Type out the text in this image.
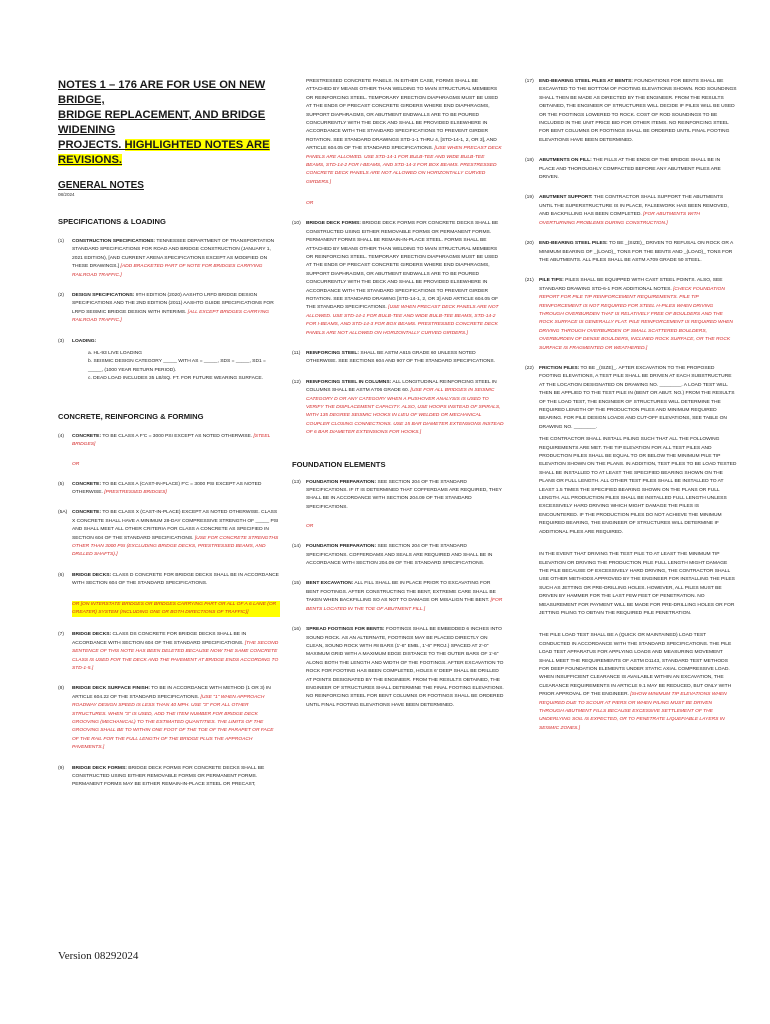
NOTES 1 – 176 ARE FOR USE ON NEW BRIDGE,
BRIDGE REPLACEMENT, AND BRIDGE WIDENING
PROJECTS. HIGHLIGHTED NOTES ARE REVISIONS.

GENERAL NOTES

08/2024

SPECIFICATIONS & LOADING

(1)	CONSTRUCTION SPECIFICATIONS: TENNESSEE DEPARTMENT OF TRANSPORTATION STANDARD SPECIFICATIONS FOR ROAD AND BRIDGE CONSTRUCTION (JANUARY 1, 2021 EDITION), [AND CURRENT ARENA SPECIFICATIONS EXCEPT AS MODIFIED ON THESE DRAWINGS.] [ADD BRACKETED PART OF NOTE FOR BRIDGES CARRYING RAILROAD TRAFFIC.]
(2)	DESIGN SPECIFICATIONS: 9TH EDITION (2020) AASHTO LRFD BRIDGE DESIGN SPECIFICATIONS AND THE 2ND EDITION (2011) AASHTO GUIDE SPECIFICATIONS FOR LRFD SEISMIC BRIDGE DESIGN WITH INTERIMS. [ALL EXCEPT BRIDGES CARRYING RAILROAD TRAFFIC.]
(3)	LOADING:
a. HL-93 LIVE LOADING
b. SEISMIC DESIGN CATEGORY _____ WITH AS = _____, SDS = _____, SD1 = _____, (1000 YEAR RETURN PERIOD).
c. DEAD LOAD INCLUDES 35 LB/SQ. FT. FOR FUTURE WEARING SURFACE.

CONCRETE, REINFORCING & FORMING

(4)	CONCRETE: TO BE CLASS A F'C = 3000 PSI EXCEPT AS NOTED OTHERWISE. [STEEL BRIDGES]

OR

(5)	CONCRETE: TO BE CLASS A (CAST-IN-PLACE) F'C = 3000 PSI EXCEPT AS NOTED OTHERWISE. [PRESTRESSED BRIDGES]
(5A) CONCRETE: TO BE CLASS X (CAST-IN-PLACE) EXCEPT AS NOTED OTHERWISE. CLASS X CONCRETE SHALL HAVE A MINIMUM 28-DAY COMPRESSIVE STRENGTH OF _____ PSI AND SHALL MEET ALL OTHER CRITERIA FOR CLASS A CONCRETE AS SPECIFIED IN SECTION 604 OF THE STANDARD SPECIFICATIONS. [USE FOR CONCRETE STRENGTHS OTHER THAN 3000 PSI (EXCLUDING BRIDGE DECKS, PRESTRESSED BEAMS, AND DRILLED SHAFTS).]
(6)	BRIDGE DECKS: CLASS D CONCRETE FOR BRIDGE DECKS SHALL BE IN ACCORDANCE WITH SECTION 604 OF THE STANDARD SPECIFICATIONS.
OR [ON INTERSTATE BRIDGES OR BRIDGES CARRYING PART OR ALL OF A 6 LANE (OR GREATER) SYSTEM (INCLUDING ONE OR BOTH DIRECTIONS OF TRAFFIC)]
(7)	BRIDGE DECKS: CLASS DS CONCRETE FOR BRIDGE DECKS SHALL BE IN ACCORDANCE WITH SECTION 604 OF THE STANDARD SPECIFICATIONS. [THE SECOND SENTENCE OF THIS NOTE HAS BEEN DELETED BECAUSE NOW THE SAME CONCRETE CLASS IS USED FOR THE DECK AND THE PAVEMENT AT BRIDGE ENDS ACCORDING TO STD-1-5.]
(8)	BRIDGE DECK SURFACE FINISH: TO BE IN ACCORDANCE WITH METHOD (1 OR 3) IN ARTICLE 604.22 OF THE STANDARD SPECIFICATIONS. [USE "1" WHEN APPROACH ROADWAY DESIGN SPEED IS LESS THAN 40 MPH. USE "3" FOR ALL OTHER STRUCTURES. WHEN "3" IS USED, ADD THE ITEM NUMBER FOR BRIDGE DECK GROOVING (MECHANICAL) TO THE ESTIMATED QUANTITIES. THE LIMITS OF THE GROOVING SHALL BE TO WITHIN ONE FOOT OF THE TOE OF THE PARAPET OR FACE OF THE RAIL FOR THE FULL LENGTH OF THE BRIDGE PLUS THE APPROACH PAVEMENTS.]
(9)	BRIDGE DECK FORMS: BRIDGE DECK FORMS FOR CONCRETE DECKS SHALL BE CONSTRUCTED USING EITHER REMOVABLE FORMS OR PERMANENT FORMS. PERMANENT FORMS MAY BE EITHER REMAIN-IN-PLACE STEEL OR PRECAST,
PRESTRESSED CONCRETE PANELS. IN EITHER CASE, FORMS SHALL BE ATTACHED BY MEANS OTHER THAN WELDING TO MAIN STRUCTURAL MEMBERS OR REINFORCING STEEL. TEMPORARY ERECTION DIAPHRAGMS MUST BE USED AT THE ENDS OF PRECAST CONCRETE GIRDERS WHERE END DIAPHRAGMS, SUPPORT DIAPHRAGMS, OR ABUTMENT ENDWALLS ARE TO BE POURED CONCURRENTLY WITH THE DECK AND SHALL BE PROVIDED ELSEWHERE IN ACCORDANCE WITH THE STANDARD SPECIFICATIONS TO PREVENT GIRDER ROTATION. SEE STANDARD DRAWINGS STD-1-1 THRU 4, [STD-14-1, 2, OR 3], AND ARTICLE 604.05 OF THE STANDARD SPECIFICATIONS. [USE WHEN PRECAST DECK PANELS ARE ALLOWED. USE STD-14-1 FOR BULB-TEE AND WIDE BULB-TEE BEAMS, STD-14-2 FOR I-BEAMS, AND STD-14-3 FOR BOX BEAMS. PRESTRESSED CONCRETE DECK PANELS ARE NOT ALLOWED ON HORIZONTALLY CURVED GIRDERS.]

OR

(10)	BRIDGE DECK FORMS: BRIDGE DECK FORMS FOR CONCRETE DECKS SHALL BE CONSTRUCTED USING EITHER REMOVABLE FORMS OR PERMANENT FORMS. PERMANENT FORMS SHALL BE REMAIN-IN-PLACE STEEL. FORMS SHALL BE ATTACHED BY MEANS OTHER THAN WELDING TO MAIN STRUCTURAL MEMBERS OR REINFORCING STEEL. TEMPORARY ERECTION DIAPHRAGMS MUST BE USED AT THE ENDS OF PRECAST CONCRETE GIRDERS WHERE END DIAPHRAGMS, SUPPORT DIAPHRAGMS, OR ABUTMENT ENDWALLS ARE TO BE POURED CONCURRENTLY WITH THE DECK AND SHALL BE PROVIDED ELSEWHERE IN ACCORDANCE WITH THE STANDARD SPECIFICATIONS TO PREVENT GIRDER ROTATION. SEE STANDARD DRAWING [STD-14-1, 2, OR 3] AND ARTICLE 604.05 OF THE STANDARD SPECIFICATIONS. [USE WHEN PRECAST DECK PANELS ARE NOT ALLOWED. USE STD-14-1 FOR BULB-TEE AND WIDE BULB-TEE BEAMS, STD-14-2 FOR I-BEAMS, AND STD-14-3 FOR BOX BEAMS. PRESTRESSED CONCRETE DECK PANELS ARE NOT ALLOWED ON HORIZONTALLY CURVED GIRDERS.]
(11)	REINFORCING STEEL: SHALL BE ASTM A615 GRADE 60 UNLESS NOTED OTHERWISE. SEE SECTIONS 604 AND 907 OF THE STANDARD SPECIFICATIONS.
(12)	REINFORCING STEEL IN COLUMNS: ALL LONGITUDINAL REINFORCING STEEL IN COLUMNS SHALL BE ASTM A706 GRADE 60. [USE FOR ALL BRIDGES IN SEISMIC CATEGORY D OR ANY CATEGORY WHEN A PUSHOVER ANALYSIS IS USED TO VERIFY THE DISPLACEMENT CAPACITY. ALSO, USE HOOPS INSTEAD OF SPIRALS, WITH 135 DEGREE SEISMIC HOOKS IN LIEU OF WELDED OR MECHANICAL COUPLER CLOSING CONNECTIONS. USE 15 BAR DIAMETER EXTENSIONS INSTEAD OF 6 BAR DIAMETER EXTENSIONS FOR HOOKS.]

FOUNDATION ELEMENTS

(13)	FOUNDATION PREPARATION: SEE SECTION 204 OF THE STANDARD SPECIFICATIONS. IF IT IS DETERMINED THAT COFFERDAMS ARE REQUIRED, THEY SHALL BE IN ACCORDANCE WITH SECTION 204.09 OF THE STANDARD SPECIFICATIONS.

OR

(14)	FOUNDATION PREPARATION: SEE SECTION 204 OF THE STANDARD SPECIFICATIONS. COFFERDAMS AND SEALS ARE REQUIRED AND SHALL BE IN ACCORDANCE WITH SECTION 204.09 OF THE STANDARD SPECIFICATIONS.
(15)	BENT EXCAVATION: ALL FILL SHALL BE IN PLACE PRIOR TO EXCAVATING FOR BENT FOOTINGS. AFTER CONSTRUCTING THE BENT, EXTREME CARE SHALL BE TAKEN WHEN BACKFILLING SO AS NOT TO DAMAGE OR MISALIGN THE BENT. [FOR BENTS LOCATED IN THE TOE OF ABUTMENT FILL.]
(16)	SPREAD FOOTINGS FOR BENTS: FOOTINGS SHALL BE EMBEDDED 6 INCHES INTO SOUND ROCK. AS AN ALTERNATE, FOOTINGS MAY BE PLACED DIRECTLY ON CLEAN, SOUND ROCK WITH #8 BARS (1'-6" EMB., 1'-6" PROJ.) SPACED AT 2'-0" MAXIMUM GRID WITH A MAXIMUM EDGE DISTANCE TO THE OUTER BARS OF 1'-6" ALONG BOTH THE LENGTH AND WIDTH OF THE FOOTINGS. AFTER EXCAVATION TO ROCK FOR FOOTING HAS BEEN COMPLETED, HOLES 6' DEEP SHALL BE DRILLED AT POINTS DESIGNATED BY THE ENGINEER. FROM THE RESULTS OBTAINED, THE ENGINEER OF STRUCTURES SHALL DETERMINE THE FINAL FOOTING ELEVATIONS. NO REINFORCING STEEL FOR BENT COLUMNS OR FOOTINGS SHALL BE ORDERED UNTIL FINAL FOOTING ELEVATIONS HAVE BEEN DETERMINED.
(17)	END-BEARING STEEL PILES AT BENTS: FOUNDATIONS FOR BENTS SHALL BE EXCAVATED TO THE BOTTOM OF FOOTING ELEVATIONS SHOWN. ROD SOUNDINGS SHALL THEN BE MADE AS DIRECTED BY THE ENGINEER. FROM THE RESULTS OBTAINED, THE ENGINEER OF STRUCTURES WILL DECIDE IF PILES WILL BE USED OR THE FOOTINGS LOWERED TO ROCK. COST OF ROD SOUNDINGS TO BE INCLUDED IN THE UNIT PRICE BID FOR OTHER ITEMS. NO REINFORCING STEEL FOR BENT COLUMNS OR FOOTINGS SHALL BE ORDERED UNTIL FINAL FOOTING ELEVATIONS HAVE BEEN DETERMINED.
(18)	ABUTMENTS ON FILL: THE FILLS AT THE ENDS OF THE BRIDGE SHALL BE IN PLACE AND THOROUGHLY COMPACTED BEFORE ANY ABUTMENT PILES ARE DRIVEN.
(19)	ABUTMENT SUPPORT: THE CONTRACTOR SHALL SUPPORT THE ABUTMENTS UNTIL THE SUPERSTRUCTURE IS IN PLACE, FALSEWORK HAS BEEN REMOVED, AND BACKFILLING HAS BEEN COMPLETED. [FOR ABUTMENTS WITH OVERTURNING PROBLEMS DURING CONSTRUCTION.]
(20)	END-BEARING STEEL PILES: TO BE _(SIZE)_ DRIVEN TO REFUSAL ON ROCK OR A MINIMUM BEARING OF _(LOAD)_ TONS FOR THE BENTS AND _(LOAD)_ TONS FOR THE ABUTMENTS. ALL PILES SHALL BE ASTM A709 GRADE 50 STEEL.
(21)	PILE TIPS: PILES SHALL BE EQUIPPED WITH CAST STEEL POINTS. ALSO, SEE STANDARD DRAWING STD-6-1 FOR ADDITIONAL NOTES. [CHECK FOUNDATION REPORT FOR PILE TIP REINFORCEMENT REQUIREMENTS. PILE TIP REINFORCEMENT IS NOT REQUIRED FOR STEEL H-PILES WHEN DRIVING THROUGH OVERBURDEN THAT IS RELATIVELY FREE OF BOULDERS AND THE ROCK SURFACE IS GENERALLY FLAT. PILE REINFORCEMENT IS REQUIRED WHEN DRIVING THROUGH OVERBURDEN OF SMALL SCATTERED BOULDERS, OVERBURDEN OF DENSE BOULDERS, INCLINED ROCK SURFACE, OR THE ROCK SURFACE IS FRAGMENTED OR WEATHERED.]
(22)	FRICTION PILES: TO BE _(SIZE)_. AFTER EXCAVATION TO THE PROPOSED FOOTING ELEVATIONS, A TEST PILE SHALL BE DRIVEN AT EACH SUBSTRUCTURE AT THE LOCATION DESIGNATED ON DRAWING NO. ________. A LOAD TEST WILL THEN BE APPLIED TO THE TEST PILE IN (BENT OR ABUT. NO.) FROM THE RESULTS OF THE LOAD TEST, THE ENGINEER OF STRUCTURES WILL DETERMINE THE REQUIRED LENGTH OF THE PRODUCTION PILES AND MINIMUM REQUIRED BEARING. FOR PILE DESIGN LOADS AND CUT-OFF ELEVATIONS, SEE TABLE ON DRAWING NO. ________.
THE CONTRACTOR SHALL INSTALL PILING SUCH THAT ALL THE FOLLOWING REQUIREMENTS ARE MET. THE TIP ELEVATION FOR ALL TEST PILES AND PRODUCTION PILES SHALL BE EQUAL TO OR BELOW THE MINIMUM PILE TIP ELEVATION SHOWN ON THE PLANS. IN ADDITION, TEST PILES TO BE LOAD TESTED SHALL BE INSTALLED TO AT LEAST THE SPECIFIED BEARING SHOWN ON THE PLANS OR FULL LENGTH. ALL OTHER TEST PILES SHALL BE INSTALLED TO AT LEAST 1.5 TIMES THE SPECIFIED BEARING SHOWN ON THE PLANS OR FULL LENGTH. ALL PRODUCTION PILES SHALL BE INSTALLED FULL LENGTH UNLESS EXCESSIVELY HARD DRIVING WHICH MIGHT DAMAGE THE PILES IS ENCOUNTERED. IF THE PRODUCTION PILES DO NOT ACHIEVE THE MINIMUM REQUIRED BEARING, THE ENGINEER OF STRUCTURES WILL DETERMINE IF ADDITIONAL PILES ARE REQUIRED.
IN THE EVENT THAT DRIVING THE TEST PILE TO AT LEAST THE MINIMUM TIP ELEVATION OR DRIVING THE PRODUCTION PILE FULL LENGTH MIGHT DAMAGE THE PILE BECAUSE OF EXCESSIVELY HARD DRIVING, THE CONTRACTOR SHALL USE OTHER METHODS APPROVED BY THE ENGINEER FOR INSTALLING THE PILES SUCH AS JETTING OR PRE-DRILLING HOLES. HOWEVER, ALL PILES MUST BE DRIVEN BY HAMMER FOR THE LAST FEW FEET OF PENETRATION. NO MEASUREMENT FOR PAYMENT WILL BE MADE FOR PRE-DRILLING HOLES OR FOR JETTING PILING TO OBTAIN THE REQUIRED PILE PENETRATION.
THE PILE LOAD TEST SHALL BE A (QUICK OR MAINTAINED) LOAD TEST CONDUCTED IN ACCORDANCE WITH THE STANDARD SPECIFICATIONS. THE PILE LOAD TEST APPARATUS FOR APPLYING LOADS AND MEASURING MOVEMENT SHALL MEET THE REQUIREMENTS OF ASTM D1143, STANDARD TEST METHODS FOR DEEP FOUNDATION ELEMENTS UNDER STATIC AXIAL COMPRESSIVE LOAD. WHEN INSUFFICIENT CLEARANCE IS AVAILABLE WITHIN AN EXCAVATION, THE CLEARANCE REQUIREMENTS IN ARTICLE 9.1 MAY BE REDUCED, BUT ONLY WITH PRIOR APPROVAL OF THE ENGINEER. [SHOW MINIMUM TIP ELEVATIONS WHEN REQUIRED DUE TO SCOUR AT PIERS OR WHEN PILING MUST BE DRIVEN THROUGH ABUTMENT FILLS BECAUSE EXCESSIVE SETTLEMENT OF THE UNDERLYING SOIL IS EXPECTED, OR TO PENETRATE LIQUEFIABLE LAYERS IN SEISMIC ZONES.]
Version 08292024
